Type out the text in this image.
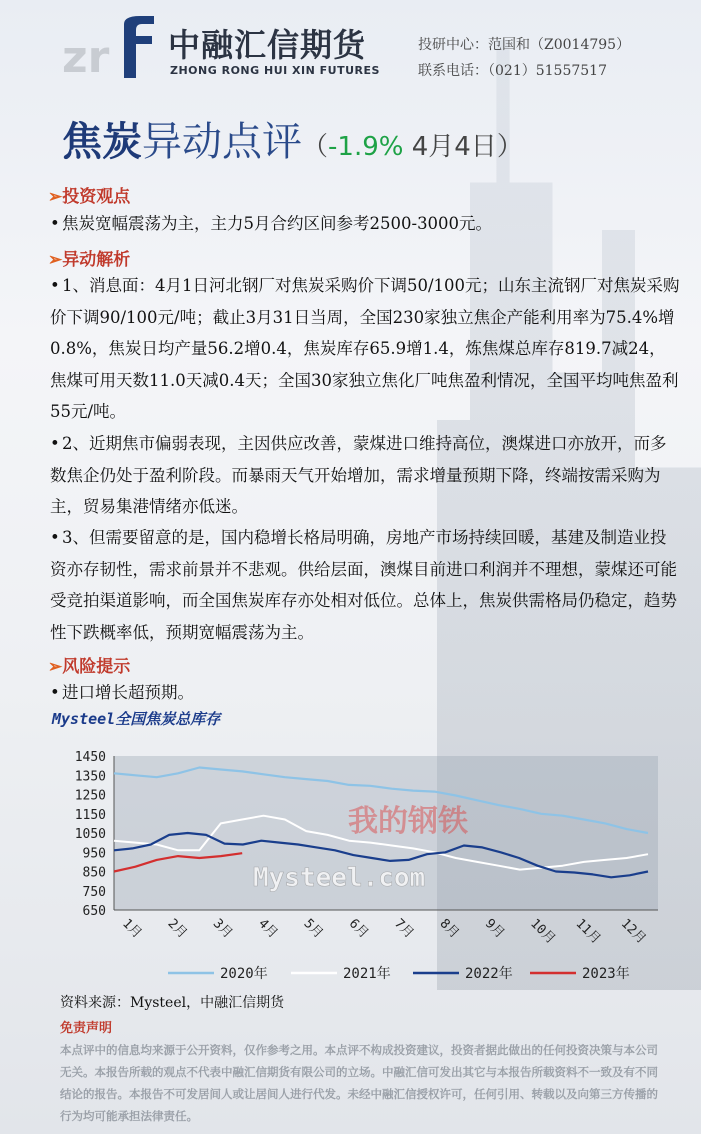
zr 中融汇信期货
ZHONG RONG HUI XIN FUTURES
投研中心：范国和（Z0014795）
联系电话：（021）51557517
焦炭异动点评（-1.9% 4月4日）
➢投资观点
• 焦炭宽幅震荡为主，主力5月合约区间参考2500-3000元。
➢异动解析
• 1、消息面：4月1日河北钢厂对焦炭采购价下调50/100元；山东主流钢厂对焦炭采购价下调90/100元/吨；截止3月31日当周，全国230家独立焦企产能利用率为75.4%增0.8%，焦炭日均产量56.2增0.4，焦炭库存65.9增1.4，炼焦煤总库存819.7减24，焦煤可用天数11.0天减0.4天；全国30家独立焦化厂吨焦盈利情况，全国平均吨焦盈利55元/吨。
• 2、近期焦市偏弱表现，主因供应改善，蒙煤进口维持高位，澳煤进口亦放开，而多数焦企仍处于盈利阶段。而暴雨天气开始增加，需求增量预期下降，终端按需采购为主，贸易集港情绪亦低迷。
• 3、但需要留意的是，国内稳增长格局明确，房地产市场持续回暖，基建及制造业投资亦存韧性，需求前景并不悲观。供给层面，澳煤目前进口利润并不理想，蒙煤还可能受竞拍渠道影响，而全国焦炭库存亦处相对低位。总体上，焦炭供需格局仍稳定，趋势性下跌概率低，预期宽幅震荡为主。
➢风险提示
• 进口增长超预期。
Mysteel全国焦炭总库存
1450
1350
1250
1150
1050
950
850
750
650
我的钢铁
Mysteel.com
1月 2月 3月 4月 5月 6月 7月 8月 9月 10月 11月 12月
2020年	2021年	2022年	2023年
资料来源：Mysteel，中融汇信期货
免责声明
本点评中的信息均来源于公开资料，仅作参考之用。本点评不构成投资建议，投资者据此做出的任何投资决策与本公司无关。本报告所载的观点不代表中融汇信期货有限公司的立场。中融汇信可发出其它与本报告所载资料不一致及有不同结论的报告。本报告不可发居间人或让居间人进行代发。未经中融汇信授权许可，任何引用、转载以及向第三方传播的行为均可能承担法律责任。
